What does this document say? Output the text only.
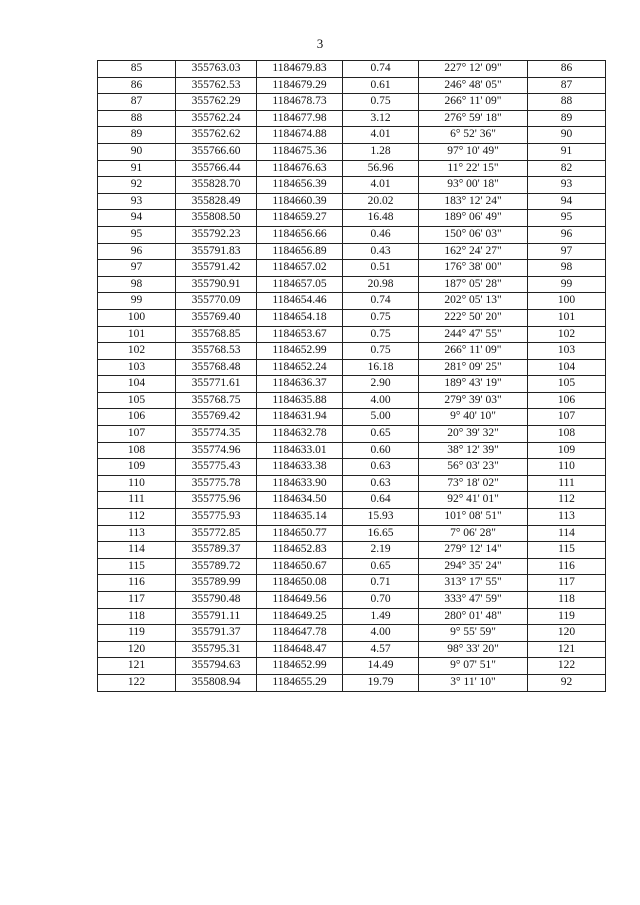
3
85	355763.03	1184679.83	0.74	227° 12' 09"	86
86	355762.53	1184679.29	0.61	246° 48' 05"	87
87	355762.29	1184678.73	0.75	266° 11' 09"	88
88	355762.24	1184677.98	3.12	276° 59' 18"	89
89	355762.62	1184674.88	4.01	6° 52' 36"	90
90	355766.60	1184675.36	1.28	97° 10' 49"	91
91	355766.44	1184676.63	56.96	11° 22' 15"	82
92	355828.70	1184656.39	4.01	93° 00' 18"	93
93	355828.49	1184660.39	20.02	183° 12' 24"	94
94	355808.50	1184659.27	16.48	189° 06' 49"	95
95	355792.23	1184656.66	0.46	150° 06' 03"	96
96	355791.83	1184656.89	0.43	162° 24' 27"	97
97	355791.42	1184657.02	0.51	176° 38' 00"	98
98	355790.91	1184657.05	20.98	187° 05' 28"	99
99	355770.09	1184654.46	0.74	202° 05' 13"	100
100	355769.40	1184654.18	0.75	222° 50' 20"	101
101	355768.85	1184653.67	0.75	244° 47' 55"	102
102	355768.53	1184652.99	0.75	266° 11' 09"	103
103	355768.48	1184652.24	16.18	281° 09' 25"	104
104	355771.61	1184636.37	2.90	189° 43' 19"	105
105	355768.75	1184635.88	4.00	279° 39' 03"	106
106	355769.42	1184631.94	5.00	9° 40' 10"	107
107	355774.35	1184632.78	0.65	20° 39' 32"	108
108	355774.96	1184633.01	0.60	38° 12' 39"	109
109	355775.43	1184633.38	0.63	56° 03' 23"	110
110	355775.78	1184633.90	0.63	73° 18' 02"	111
111	355775.96	1184634.50	0.64	92° 41' 01"	112
112	355775.93	1184635.14	15.93	101° 08' 51"	113
113	355772.85	1184650.77	16.65	7° 06' 28"	114
114	355789.37	1184652.83	2.19	279° 12' 14"	115
115	355789.72	1184650.67	0.65	294° 35' 24"	116
116	355789.99	1184650.08	0.71	313° 17' 55"	117
117	355790.48	1184649.56	0.70	333° 47' 59"	118
118	355791.11	1184649.25	1.49	280° 01' 48"	119
119	355791.37	1184647.78	4.00	9° 55' 59"	120
120	355795.31	1184648.47	4.57	98° 33' 20"	121
121	355794.63	1184652.99	14.49	9° 07' 51"	122
122	355808.94	1184655.29	19.79	3° 11' 10"	92
